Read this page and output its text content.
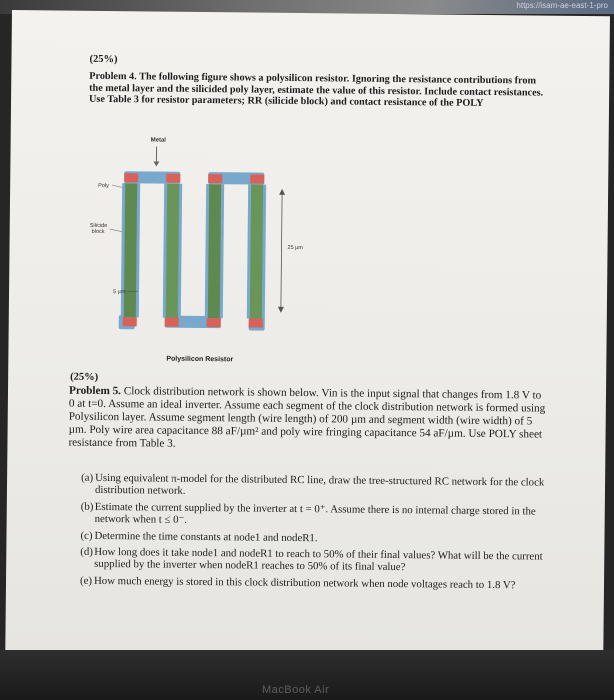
https://isam-ae-east-1-pro
(25%)
Problem 4. The following figure shows a polysilicon resistor. Ignoring the resistance contributions from the metal layer and the silicided poly layer, estimate the value of this resistor. Include contact resistances. Use Table 3 for resistor parameters; RR (silicide block) and contact resistance of the POLY
Metal
Poly
Silicide block
25 µm
5 µm
Polysilicon Resistor
(25%)
Problem 5. Clock distribution network is shown below. Vin is the input signal that changes from 1.8 V to 0 at t=0. Assume an ideal inverter. Assume each segment of the clock distribution network is formed using Polysilicon layer. Assume segment length (wire length) of 200 µm and segment width (wire width) of 5 µm. Poly wire area capacitance 88 aF/µm² and poly wire fringing capacitance 54 aF/µm. Use POLY sheet resistance from Table 3.
(a) Using equivalent π-model for the distributed RC line, draw the tree-structured RC network for the clock distribution network.
(b) Estimate the current supplied by the inverter at t = 0⁺. Assume there is no internal charge stored in the network when t ≤ 0⁻.
(c) Determine the time constants at node1 and nodeR1.
(d) How long does it take node1 and nodeR1 to reach to 50% of their final values? What will be the current supplied by the inverter when nodeR1 reaches to 50% of its final value?
(e) How much energy is stored in this clock distribution network when node voltages reach to 1.8 V?
MacBook Air
